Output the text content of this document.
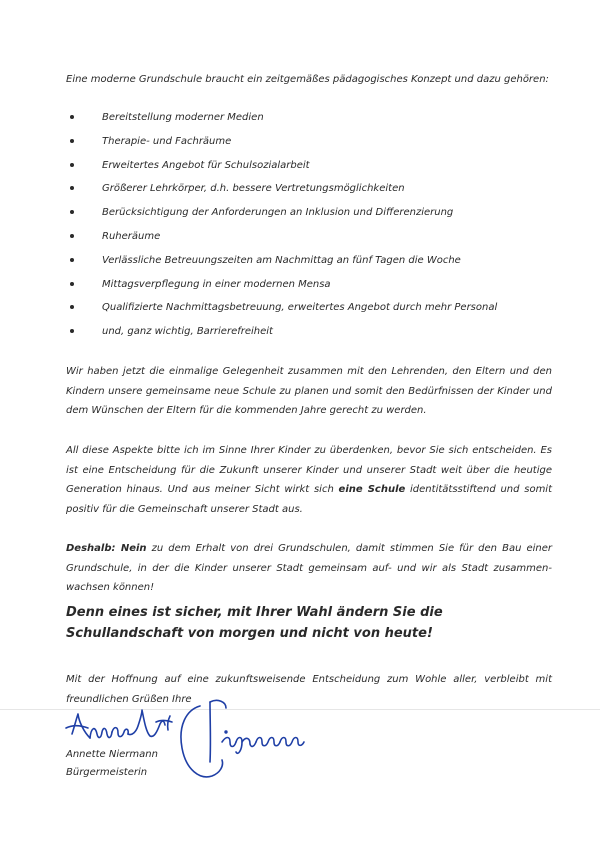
Eine moderne Grundschule braucht ein zeitgemäßes pädagogisches Konzept und dazu gehören:

Bereitstellung moderner Medien
Therapie- und Fachräume
Erweitertes Angebot für Schulsozialarbeit
Größerer Lehrkörper, d.h. bessere Vertretungsmöglichkeiten
Berücksichtigung der Anforderungen an Inklusion und Differenzierung
Ruheräume
Verlässliche Betreuungszeiten am Nachmittag an fünf Tagen die Woche
Mittagsverpflegung in einer modernen Mensa
Qualifizierte Nachmittagsbetreuung, erweitertes Angebot durch mehr Personal
und, ganz wichtig, Barrierefreiheit

Wir haben jetzt die einmalige Gelegenheit zusammen mit den Lehrenden, den Eltern und den Kindern unsere gemeinsame neue Schule zu planen und somit den Bedürfnissen der Kinder und dem Wünschen der Eltern für die kommenden Jahre gerecht zu werden.

All diese Aspekte bitte ich im Sinne Ihrer Kinder zu überdenken, bevor Sie sich entscheiden. Es ist eine Entscheidung für die Zukunft unserer Kinder und unserer Stadt weit über die heutige Generation hinaus. Und aus meiner Sicht wirkt sich eine Schule identitätsstiftend und somit positiv für die Gemeinschaft unserer Stadt aus.

Deshalb: Nein zu dem Erhalt von drei Grundschulen, damit stimmen Sie für den Bau einer Grundschule, in der die Kinder unserer Stadt gemeinsam auf- und wir als Stadt zusammen-wachsen können!

Denn eines ist sicher, mit Ihrer Wahl ändern Sie die Schullandschaft von morgen und nicht von heute!

Mit der Hoffnung auf eine zukunftsweisende Entscheidung zum Wohle aller, verbleibt mit freundlichen Grüßen Ihre

Annette Niermann
Bürgermeisterin
